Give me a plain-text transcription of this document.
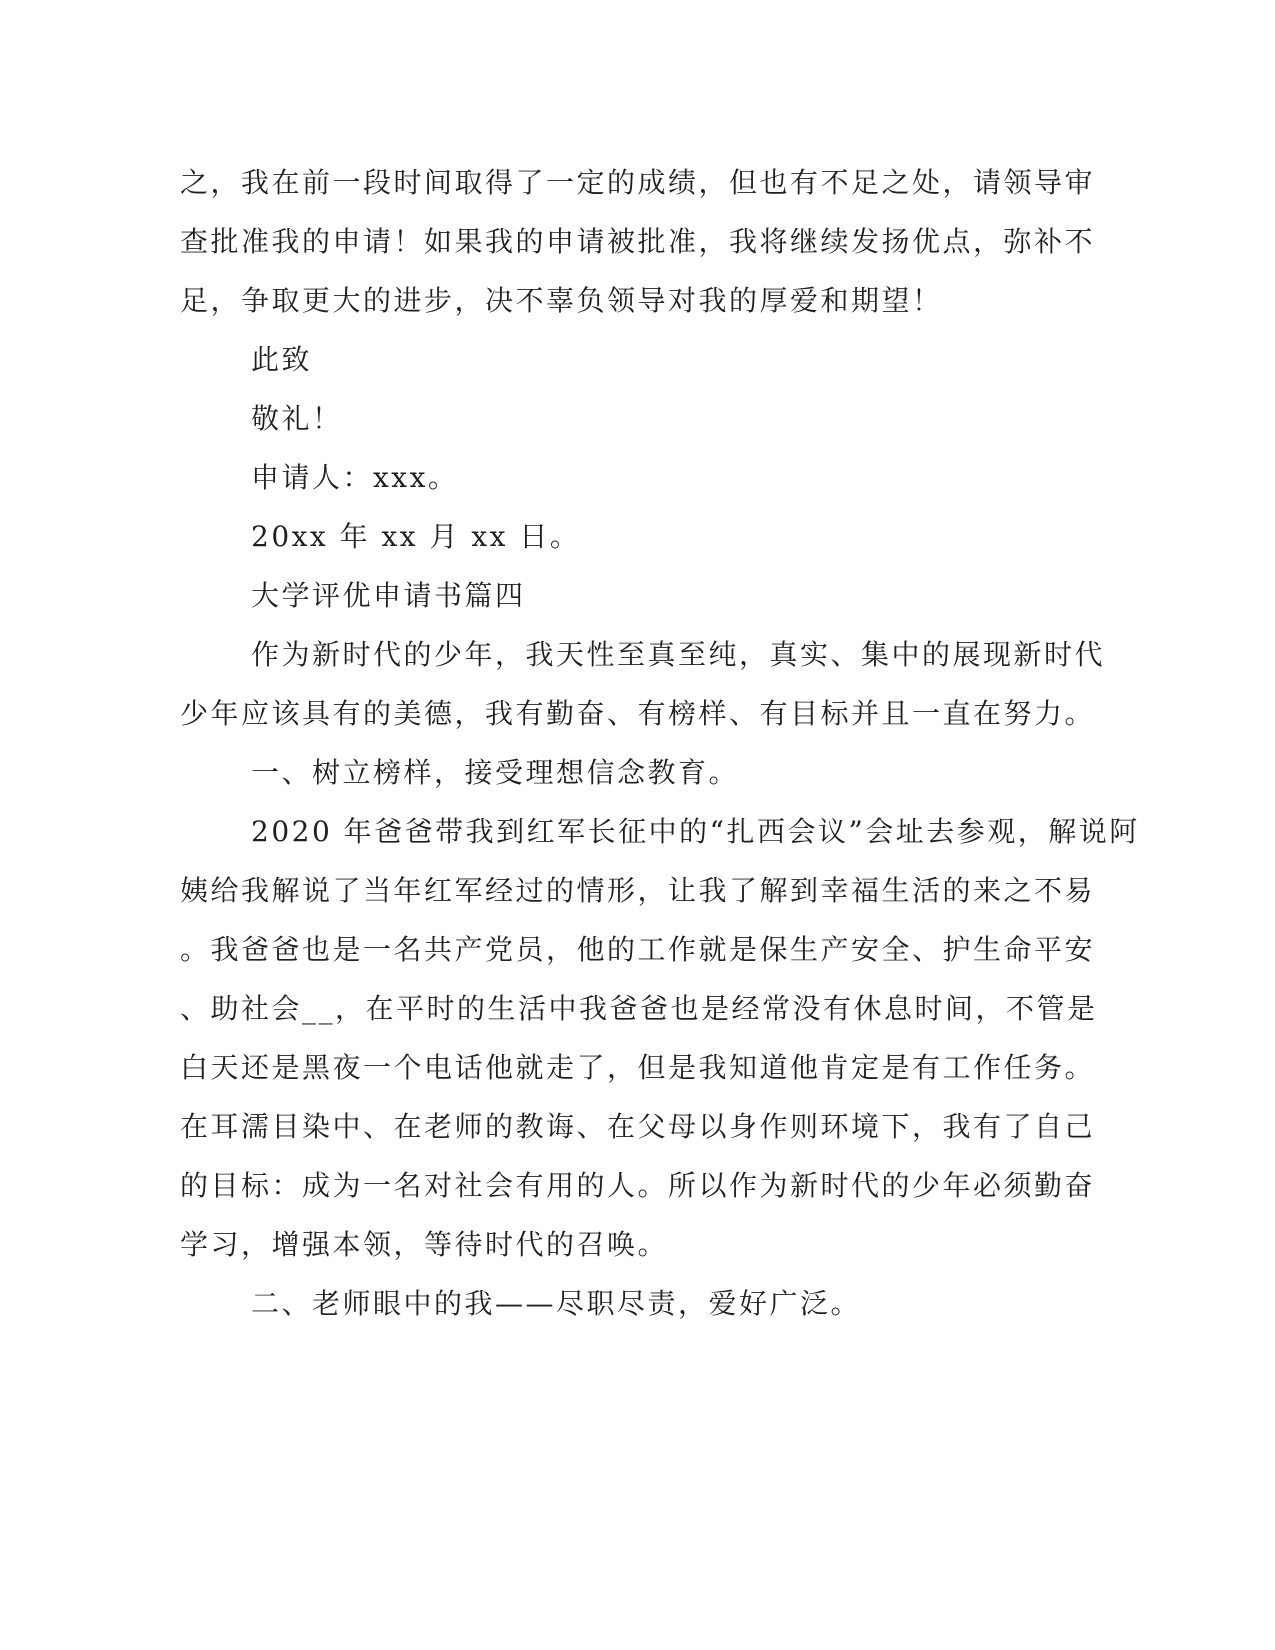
之，我在前一段时间取得了一定的成绩，但也有不足之处，请领导审
查批准我的申请！如果我的申请被批准，我将继续发扬优点，弥补不
足，争取更大的进步，决不辜负领导对我的厚爱和期望！
此致
敬礼！
申请人：xxx。
20xx 年 xx 月 xx 日。
大学评优申请书篇四
作为新时代的少年，我天性至真至纯，真实、集中的展现新时代
少年应该具有的美德，我有勤奋、有榜样、有目标并且一直在努力。
一、树立榜样，接受理想信念教育。
2020 年爸爸带我到红军长征中的“扎西会议”会址去参观，解说阿
姨给我解说了当年红军经过的情形，让我了解到幸福生活的来之不易
。我爸爸也是一名共产党员，他的工作就是保生产安全、护生命平安
、助社会__，在平时的生活中我爸爸也是经常没有休息时间，不管是
白天还是黑夜一个电话他就走了，但是我知道他肯定是有工作任务。
在耳濡目染中、在老师的教诲、在父母以身作则环境下，我有了自己
的目标：成为一名对社会有用的人。所以作为新时代的少年必须勤奋
学习，增强本领，等待时代的召唤。
二、老师眼中的我——尽职尽责，爱好广泛。
